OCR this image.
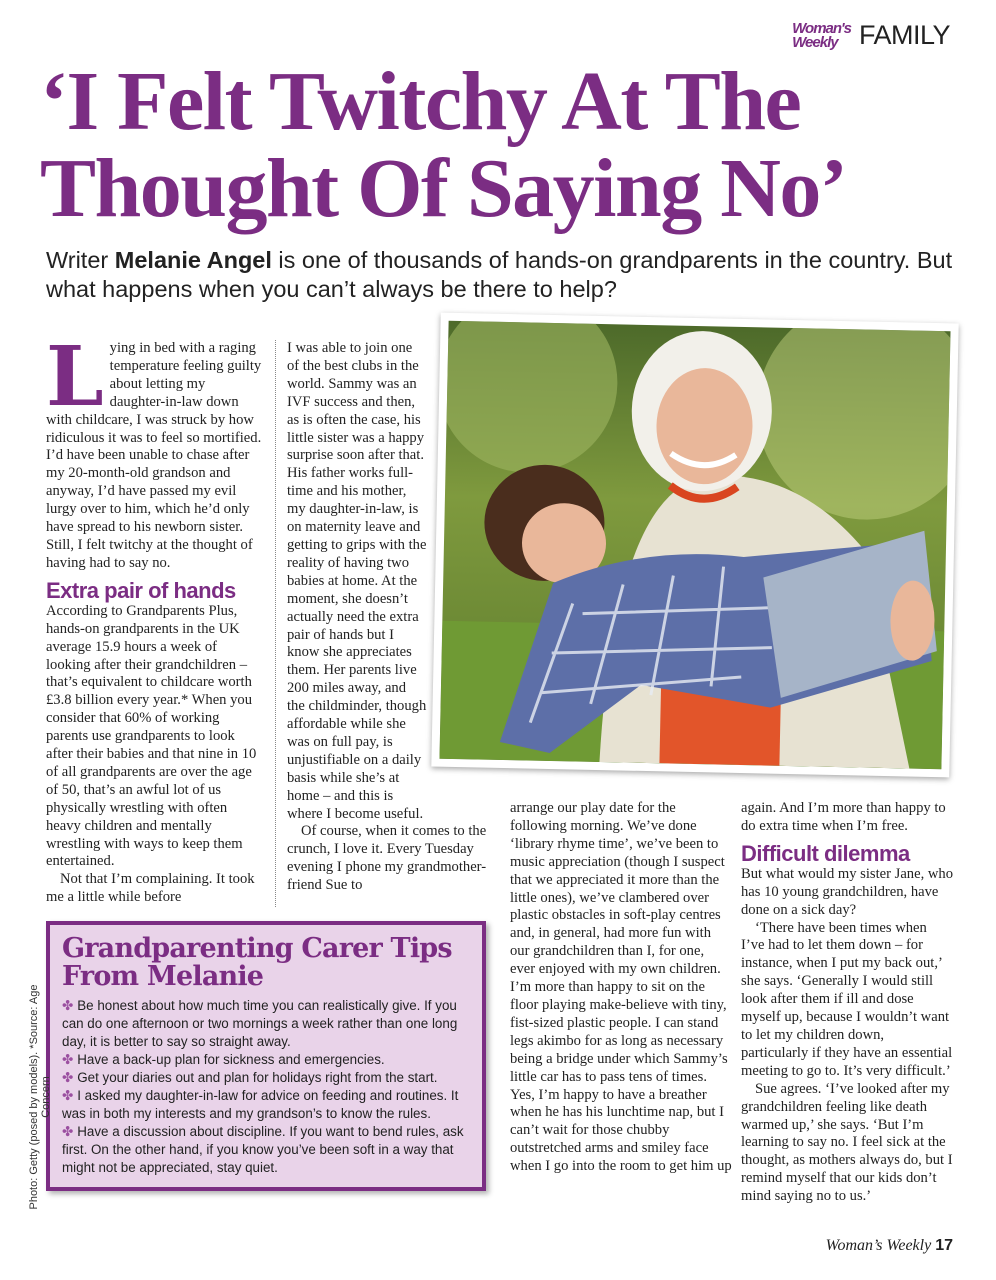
Woman's
Weekly FAMILY
‘I Felt Twitchy At The
Thought Of Saying No’

Writer Melanie Angel is one of thousands of hands-on grandparents in the country. But what happens when you can’t always be there to help?

Lying in bed with a raging temperature feeling guilty about letting my daughter-in-law down with childcare, I was struck by how ridiculous it was to feel so mortified. I’d have been unable to chase after my 20-month-old grandson and anyway, I’d have passed my evil lurgy over to him, which he’d only have spread to his newborn sister. Still, I felt twitchy at the thought of having had to say no.

Extra pair of hands

According to Grandparents Plus, hands-on grandparents in the UK average 15.9 hours a week of looking after their grandchildren – that’s equivalent to childcare worth £3.8 billion every year.* When you consider that 60% of working parents use grandparents to look after their babies and that nine in 10 of all grandparents are over the age of 50, that’s an awful lot of us physically wrestling with often heavy children and mentally wrestling with ways to keep them entertained.

Not that I’m complaining. It took me a little while before

I was able to join one of the best clubs in the world. Sammy was an IVF success and then, as is often the case, his little sister was a happy surprise soon after that. His father works full-time and his mother, my daughter-in-law, is on maternity leave and getting to grips with the reality of having two babies at home. At the moment, she doesn’t actually need the extra pair of hands but I know she appreciates them. Her parents live 200 miles away, and the childminder, though affordable while she was on full pay, is unjustifiable on a daily basis while she’s at home – and this is where I become useful.

Of course, when it comes to the crunch, I love it. Every Tuesday evening I phone my grandmother-friend Sue to

Grandparenting Carer Tips From Melanie

✤ Be honest about how much time you can realistically give. If you can do one afternoon or two mornings a week rather than one long day, it is better to say so straight away.

✤ Have a back-up plan for sickness and emergencies.

✤ Get your diaries out and plan for holidays right from the start.

✤ I asked my daughter-in-law for advice on feeding and routines. It was in both my interests and my grandson’s to know the rules.

✤ Have a discussion about discipline. If you want to bend rules, ask first. On the other hand, if you know you’ve been soft in a way that might not be appreciated, stay quiet.

arrange our play date for the following morning. We’ve done ‘library rhyme time’, we’ve been to music appreciation (though I suspect that we appreciated it more than the little ones), we’ve clambered over plastic obstacles in soft-play centres and, in general, had more fun with our grandchildren than I, for one, ever enjoyed with my own children. I’m more than happy to sit on the floor playing make-believe with tiny, fist-sized plastic people. I can stand legs akimbo for as long as necessary being a bridge under which Sammy’s little car has to pass tens of times. Yes, I’m happy to have a breather when he has his lunchtime nap, but I can’t wait for those chubby outstretched arms and smiley face when I go into the room to get him up

again. And I’m more than happy to do extra time when I’m free.

Difficult dilemma

But what would my sister Jane, who has 10 young grandchildren, have done on a sick day?

‘There have been times when I’ve had to let them down – for instance, when I put my back out,’ she says. ‘Generally I would still look after them if ill and dose myself up, because I wouldn’t want to let my children down, particularly if they have an essential meeting to go to. It’s very difficult.’

Sue agrees. ‘I’ve looked after my grandchildren feeling like death warmed up,’ she says. ‘But I’m learning to say no. I feel sick at the thought, as mothers always do, but I remind myself that our kids don’t mind saying no to us.’

Woman’s Weekly 17
Photo: Getty (posed by models). *Source: Age Concern
